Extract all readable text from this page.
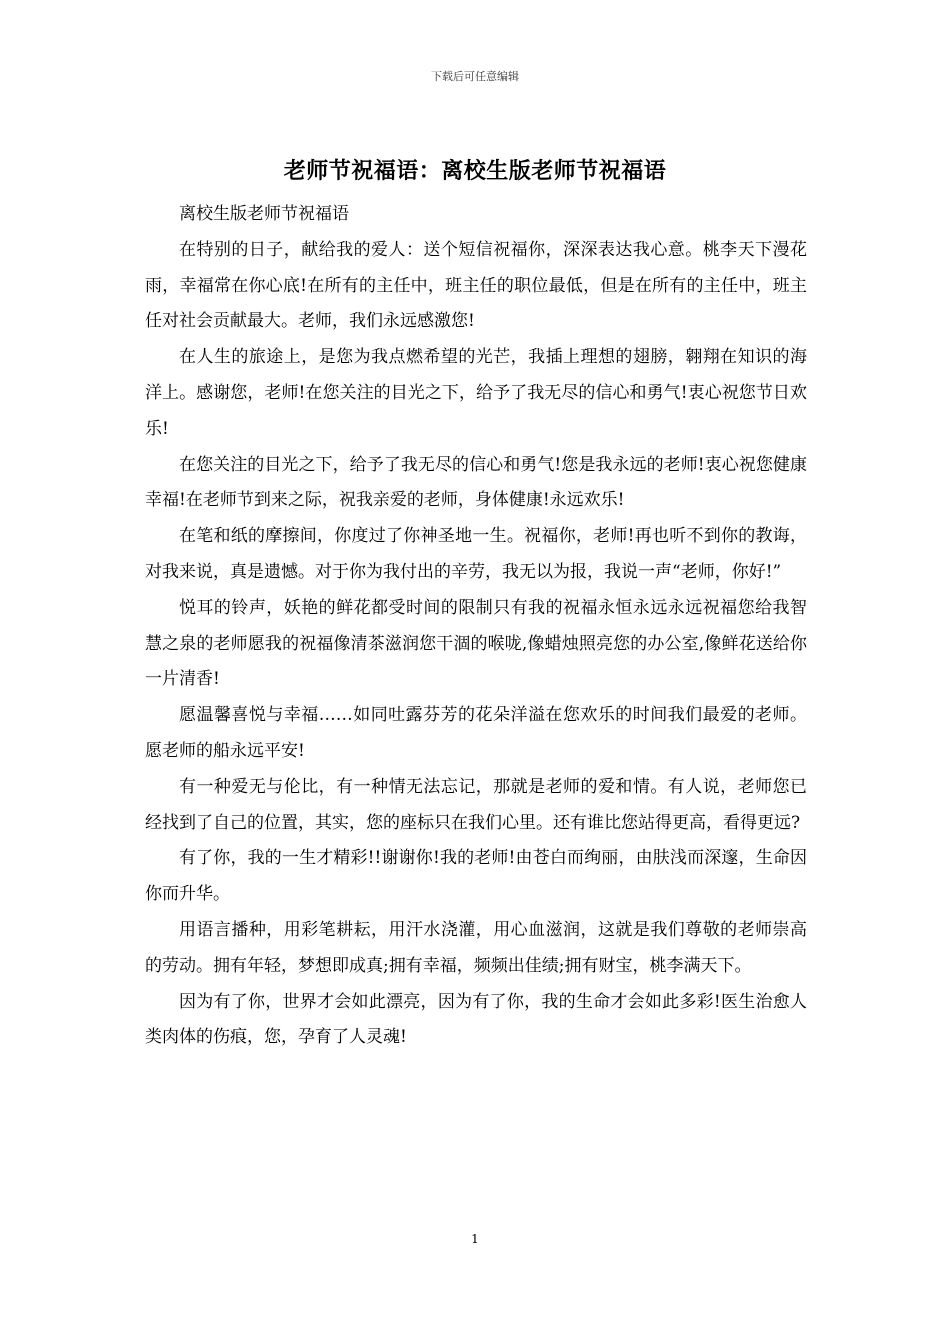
下载后可任意编辑
老师节祝福语：离校生版老师节祝福语

离校生版老师节祝福语

在特别的日子，献给我的爱人：送个短信祝福你，深深表达我心意。桃李天下漫花雨，幸福常在你心底!在所有的主任中，班主任的职位最低，但是在所有的主任中，班主任对社会贡献最大。老师，我们永远感激您!

在人生的旅途上，是您为我点燃希望的光芒，我插上理想的翅膀，翱翔在知识的海洋上。感谢您，老师!在您关注的目光之下，给予了我无尽的信心和勇气!衷心祝您节日欢乐!

在您关注的目光之下，给予了我无尽的信心和勇气!您是我永远的老师!衷心祝您健康幸福!在老师节到来之际，祝我亲爱的老师，身体健康!永远欢乐!

在笔和纸的摩擦间，你度过了你神圣地一生。祝福你，老师!再也听不到你的教诲，对我来说，真是遗憾。对于你为我付出的辛劳，我无以为报，我说一声“老师，你好!”

悦耳的铃声，妖艳的鲜花都受时间的限制只有我的祝福永恒永远永远祝福您给我智慧之泉的老师愿我的祝福像清茶滋润您干涸的喉咙,像蜡烛照亮您的办公室,像鲜花送给你一片清香!

愿温馨喜悦与幸福……如同吐露芬芳的花朵洋溢在您欢乐的时间我们最爱的老师。愿老师的船永远平安!

有一种爱无与伦比，有一种情无法忘记，那就是老师的爱和情。有人说，老师您已经找到了自己的位置，其实，您的座标只在我们心里。还有谁比您站得更高，看得更远?

有了你，我的一生才精彩!!谢谢你!我的老师!由苍白而绚丽，由肤浅而深邃，生命因你而升华。

用语言播种，用彩笔耕耘，用汗水浇灌，用心血滋润，这就是我们尊敬的老师崇高的劳动。拥有年轻，梦想即成真;拥有幸福，频频出佳绩;拥有财宝，桃李满天下。

因为有了你，世界才会如此漂亮，因为有了你，我的生命才会如此多彩!医生治愈人类肉体的伤痕，您，孕育了人灵魂!

1
